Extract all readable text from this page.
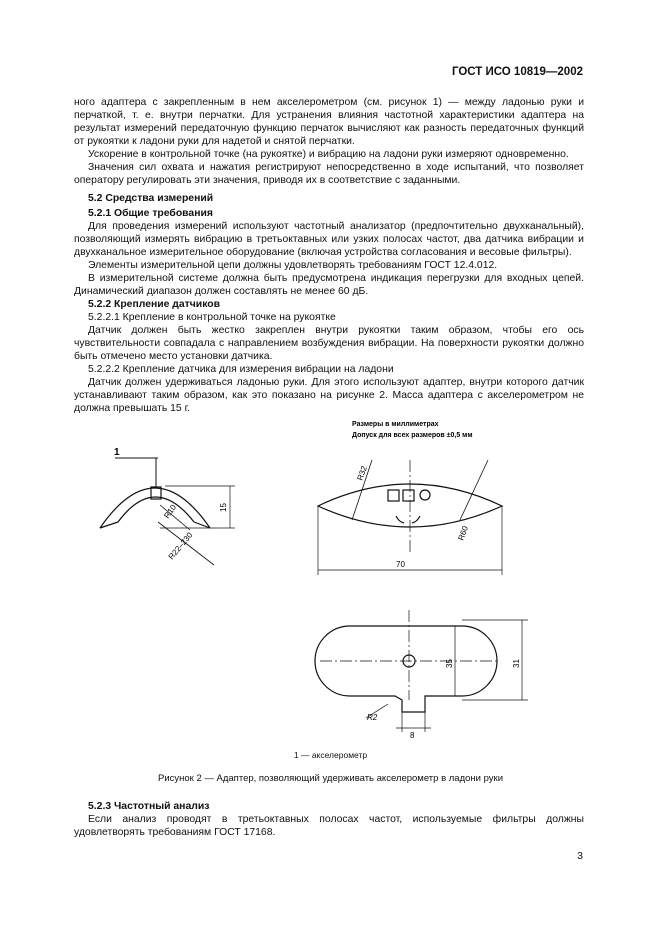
ГОСТ ИСО 10819—2002

ного адаптера с закрепленным в нем акселерометром (см. рисунок 1) — между ладонью руки и перчаткой, т. е. внутри перчатки. Для устранения влияния частотной характеристики адаптера на результат измерений передаточную функцию перчаток вычисляют как разность передаточных функций от рукоятки к ладони руки для надетой и снятой перчатки.

Ускорение в контрольной точке (на рукоятке) и вибрацию на ладони руки измеряют одновременно.

Значения сил охвата и нажатия регистрируют непосредственно в ходе испытаний, что позволяет оператору регулировать эти значения, приводя их в соответствие с заданными.

5.2 Средства измерений

5.2.1 Общие требования

Для проведения измерений используют частотный анализатор (предпочтительно двухканальный), позволяющий измерять вибрацию в третьоктавных или узких полосах частот, два датчика вибрации и двухканальное измерительное оборудование (включая устройства согласования и весовые фильтры).

Элементы измерительной цепи должны удовлетворять требованиям ГОСТ 12.4.012.

В измерительной системе должна быть предусмотрена индикация перегрузки для входных цепей. Динамический диапазон должен составлять не менее 60 дБ.

5.2.2 Крепление датчиков

5.2.2.1 Крепление в контрольной точке на рукоятке

Датчик должен быть жестко закреплен внутри рукоятки таким образом, чтобы его ось чувствительности совпадала с направлением возбуждения вибрации. На поверхности рукоятки должно быть отмечено место установки датчика.

5.2.2.2 Крепление датчика для измерения вибрации на ладони

Датчик должен удерживаться ладонью руки. Для этого используют адаптер, внутри которого датчик устанавливают таким образом, как это показано на рисунке 2. Масса адаптера с акселерометром не должна превышать 15 г.

Размеры в миллиметрах
Допуск для всех размеров ±0,5 мм
1
R10
R22–230
15
R32
R60
70
35	31
R2
8
1 — акселерометр
Рисунок 2 — Адаптер, позволяющий удерживать акселерометр в ладони руки

5.2.3 Частотный анализ

Если анализ проводят в третьоктавных полосах частот, используемые фильтры должны удовлетворять требованиям ГОСТ 17168.

3
